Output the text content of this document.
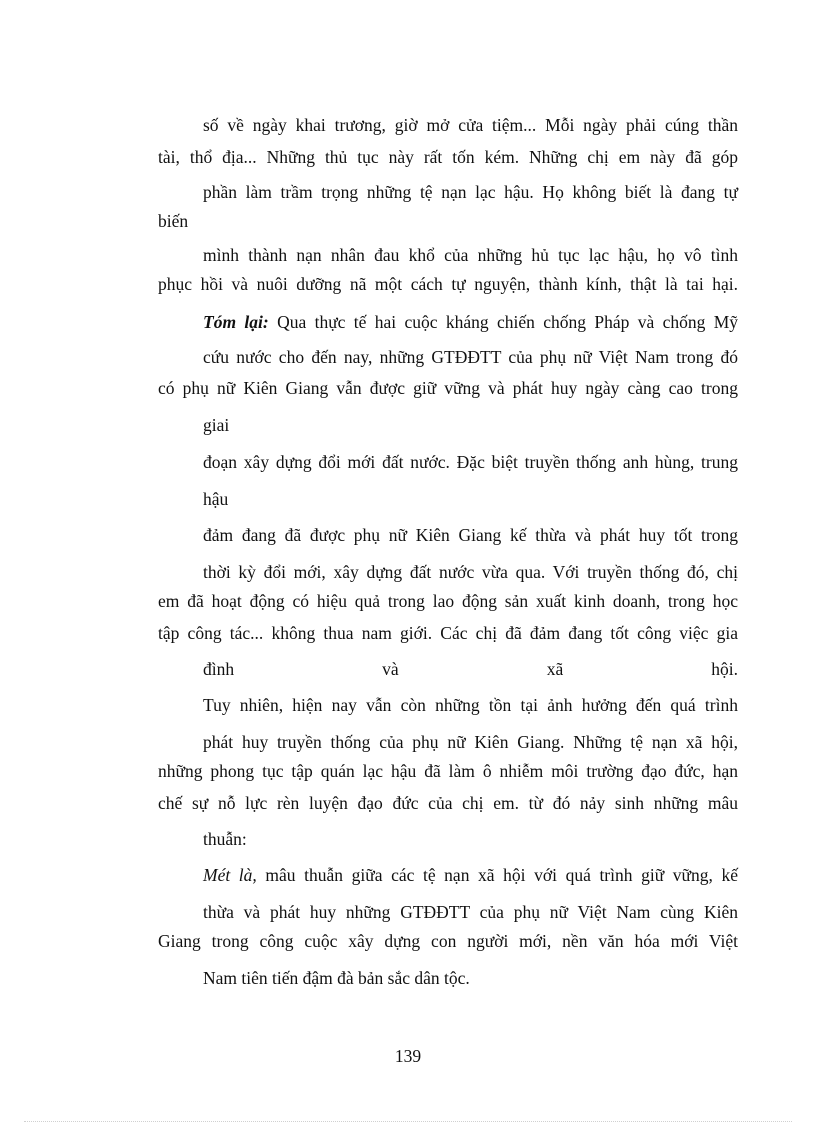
số về ngày khai trương, giờ mở cửa tiệm... Mỗi ngày phải cúng thần

tài, thổ địa... Những thủ tục này rất tốn kém. Những chị em này đã góp

phần làm trầm trọng những tệ nạn lạc hậu. Họ không biết là đang tự

biến

mình thành nạn nhân đau khổ của những hủ tục lạc hậu, họ vô tình

phục hồi và nuôi dưỡng nã một cách tự nguyện, thành kính, thật là tai hại.

Tóm lại: Qua thực tế hai cuộc kháng chiến chống Pháp và chống Mỹ

cứu nước cho đến nay, những GTĐĐTT của phụ nữ Việt Nam trong đó

có phụ nữ Kiên Giang vẫn được giữ vững và phát huy ngày càng cao trong

giai

đoạn xây dựng đổi mới đất nước. Đặc biệt truyền thống anh hùng, trung

hậu

đảm đang đã được phụ nữ Kiên Giang kế thừa và phát huy tốt trong

thời kỳ đổi mới, xây dựng đất nước vừa qua. Với truyền thống đó, chị

em đã hoạt động có hiệu quả trong lao động sản xuất kinh doanh, trong học

tập công tác... không thua nam giới. Các chị đã đảm đang tốt công việc gia

đình và xã hội.

Tuy nhiên, hiện nay vẫn còn những tồn tại ảnh hưởng đến quá trình

phát huy truyền thống của phụ nữ Kiên Giang. Những tệ nạn xã hội,

những phong tục tập quán lạc hậu đã làm ô nhiễm môi trường đạo đức, hạn

chế sự nỗ lực rèn luyện đạo đức của chị em. từ đó nảy sinh những mâu

thuẫn:

Mét là, mâu thuẫn giữa các tệ nạn xã hội với quá trình giữ vững, kế

thừa và phát huy những GTĐĐTT của phụ nữ Việt Nam cùng Kiên

Giang trong công cuộc xây dựng con người mới, nền văn hóa mới Việt

Nam tiên tiến đậm đà bản sắc dân tộc.

139
